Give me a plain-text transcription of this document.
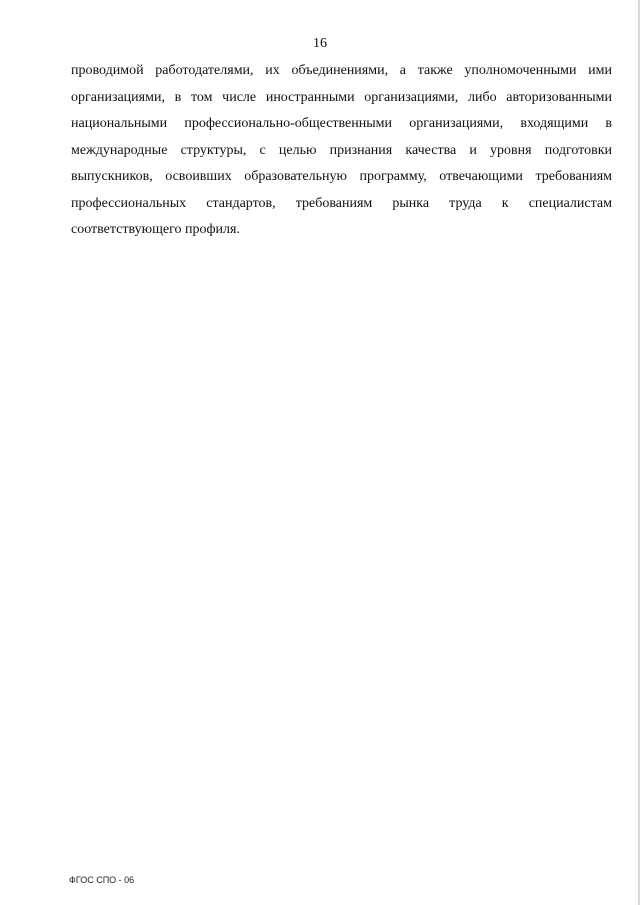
16
проводимой работодателями, их объединениями, а также уполномоченными ими
организациями, в том числе иностранными организациями, либо авторизованными
национальными профессионально-общественными организациями, входящими в
международные структуры, с целью признания качества и уровня подготовки
выпускников, освоивших образовательную программу, отвечающими требованиям
профессиональных стандартов, требованиям рынка труда к специалистам
соответствующего профиля.
ФГОС СПО - 06
